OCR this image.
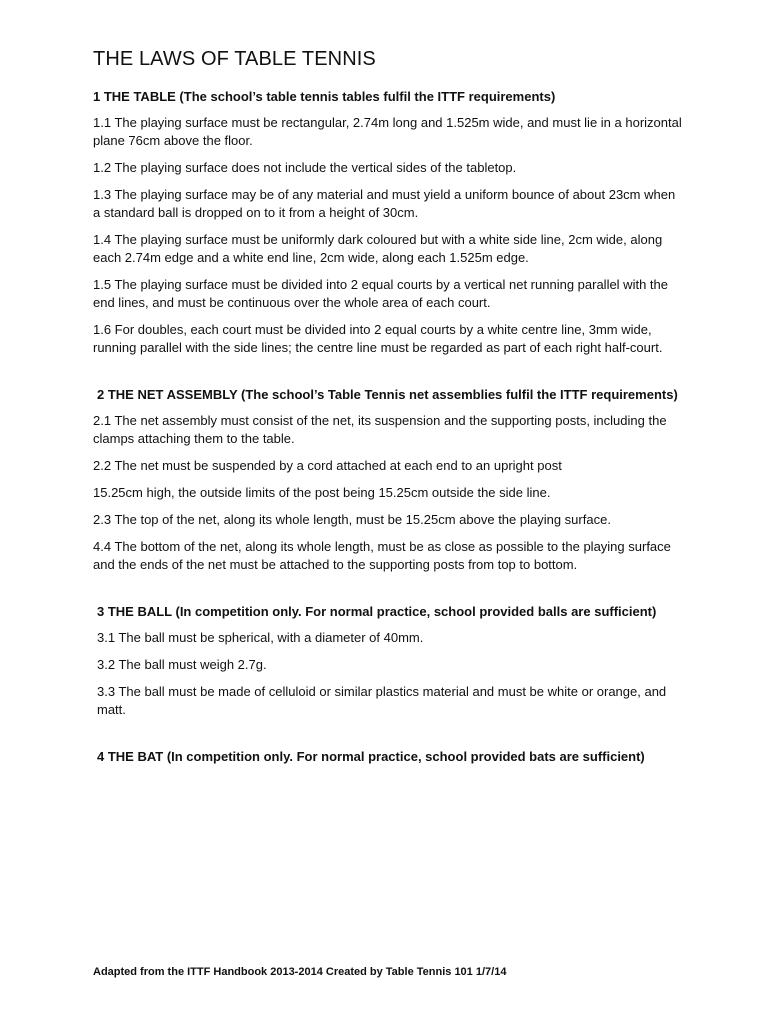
THE LAWS OF TABLE TENNIS
1 THE TABLE (The school’s table tennis tables fulfil the ITTF requirements)
1.1 The playing surface must be rectangular, 2.74m long and 1.525m wide, and must lie in a horizontal plane 76cm above the floor.
1.2 The playing surface does not include the vertical sides of the tabletop.
1.3 The playing surface may be of any material and must yield a uniform bounce of about 23cm when a standard ball is dropped on to it from a height of 30cm.
1.4 The playing surface must be uniformly dark coloured but with a white side line, 2cm wide, along each 2.74m edge and a white end line, 2cm wide, along each 1.525m edge.
1.5 The playing surface must be divided into 2 equal courts by a vertical net running parallel with the end lines, and must be continuous over the whole area of each court.
1.6 For doubles, each court must be divided into 2 equal courts by a white centre line, 3mm wide, running parallel with the side lines; the centre line must be regarded as part of each right half-court.
2 THE NET ASSEMBLY (The school’s Table Tennis net assemblies fulfil the ITTF requirements)
2.1 The net assembly must consist of the net, its suspension and the supporting posts, including the clamps attaching them to the table.
2.2 The net must be suspended by a cord attached at each end to an upright post
15.25cm high, the outside limits of the post being 15.25cm outside the side line.
2.3 The top of the net, along its whole length, must be 15.25cm above the playing surface.
4.4 The bottom of the net, along its whole length, must be as close as possible to the playing surface and the ends of the net must be attached to the supporting posts from top to bottom.
3 THE BALL (In competition only. For normal practice, school provided balls are sufficient)
3.1 The ball must be spherical, with a diameter of 40mm.
3.2 The ball must weigh 2.7g.
3.3 The ball must be made of celluloid or similar plastics material and must be white or orange, and matt.
4 THE BAT (In competition only. For normal practice, school provided bats are sufficient)
Adapted from the ITTF Handbook 2013-2014 Created by Table Tennis 101 1/7/14
